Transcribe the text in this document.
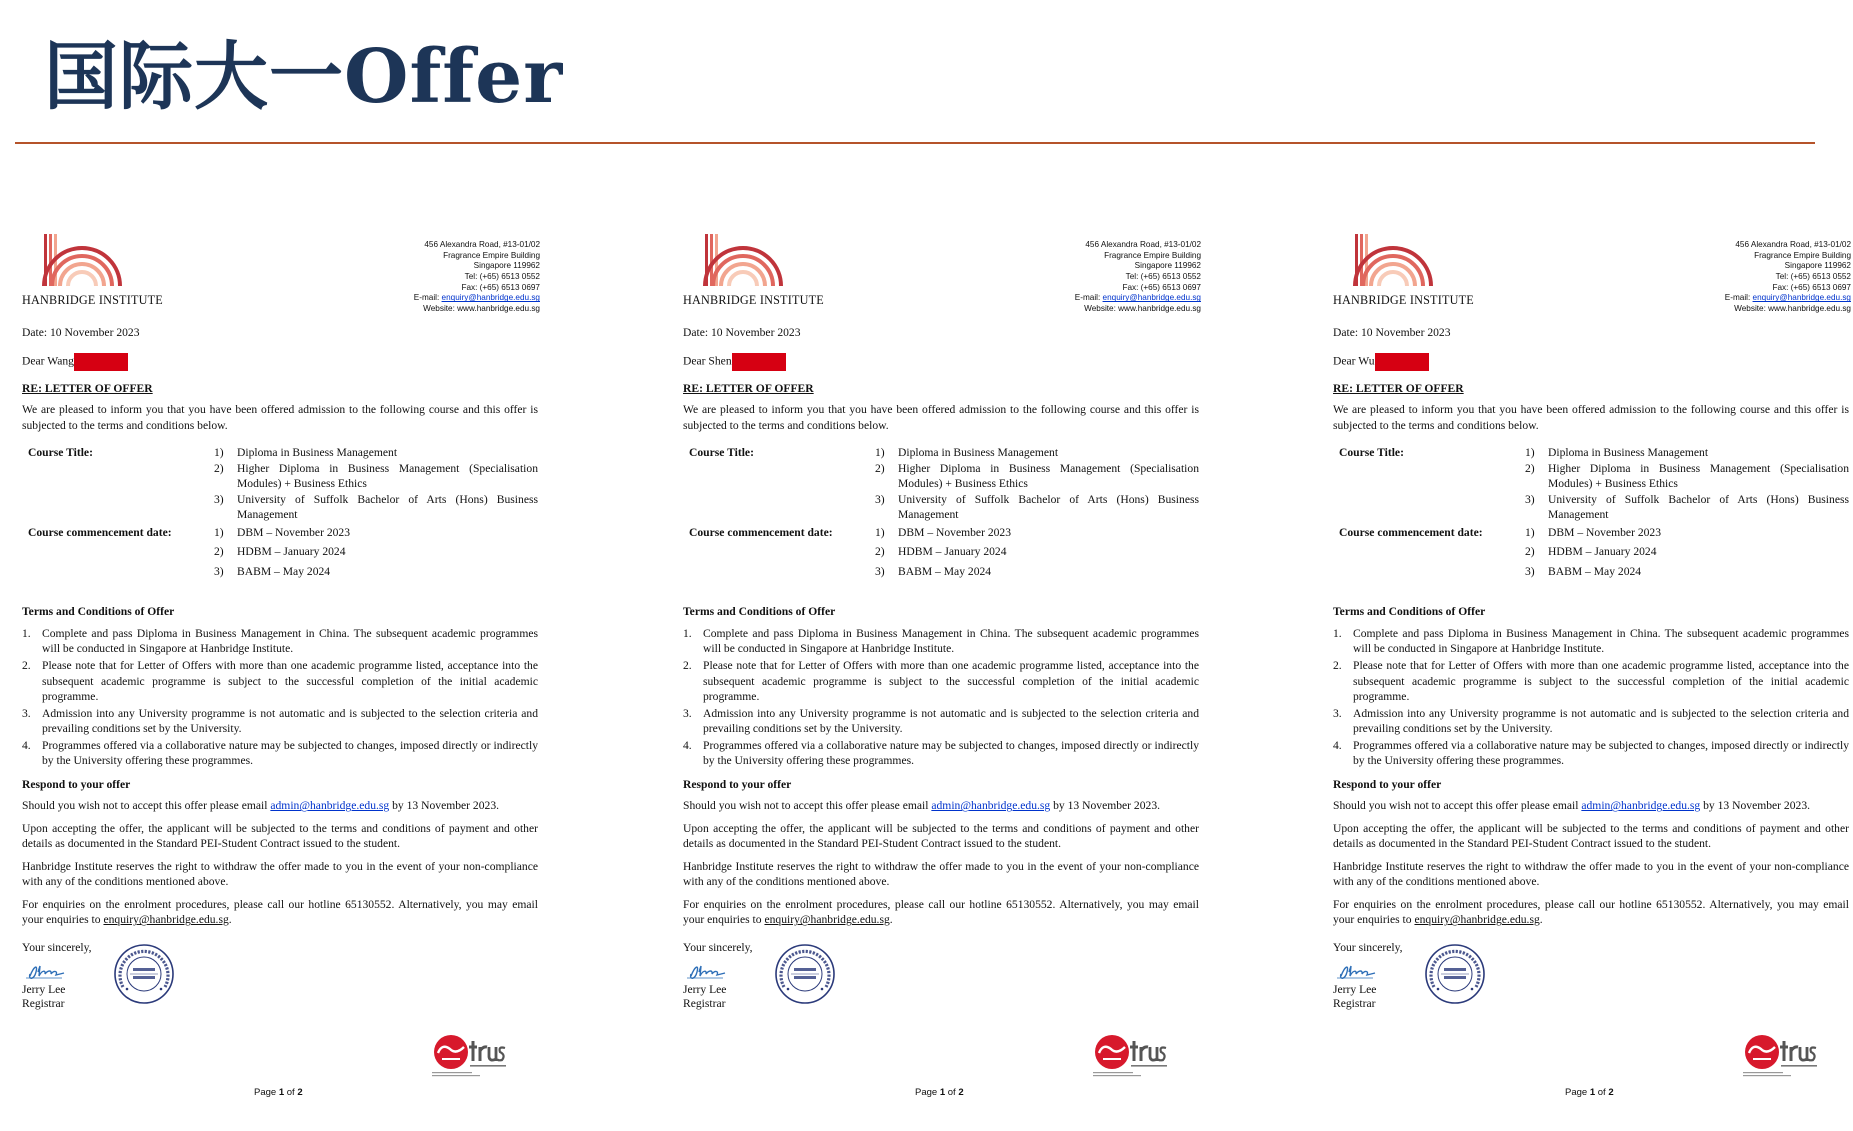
国际大一Offer
HANBRIDGE INSTITUTE
456 Alexandra Road, #13-01/02
Fragrance Empire Building
Singapore 119962
Tel: (+65) 6513 0552
Fax: (+65) 6513 0697
E-mail: enquiry@hanbridge.edu.sg
Website: www.hanbridge.edu.sg

Date: 10 November 2023

Dear Wang

RE: LETTER OF OFFER

We are pleased to inform you that you have been offered admission to the following course and this offer is subjected to the terms and conditions below.

Course Title:	1)	Diploma in Business Management
2)	Higher Diploma in Business Management (Specialisation Modules) + Business Ethics
3)	University of Suffolk Bachelor of Arts (Hons) Business Management
Course commencement date:	1)	DBM – November 2023
2)	HDBM – January 2024
3)	BABM – May 2024

Terms and Conditions of Offer

1. Complete and pass Diploma in Business Management in China. The subsequent academic programmes will be conducted in Singapore at Hanbridge Institute.
2. Please note that for Letter of Offers with more than one academic programme listed, acceptance into the subsequent academic programme is subject to the successful completion of the initial academic programme.
3. Admission into any University programme is not automatic and is subjected to the selection criteria and prevailing conditions set by the University.
4. Programmes offered via a collaborative nature may be subjected to changes, imposed directly or indirectly by the University offering these programmes.

Respond to your offer

Should you wish not to accept this offer please email admin@hanbridge.edu.sg by 13 November 2023.

Upon accepting the offer, the applicant will be subjected to the terms and conditions of payment and other details as documented in the Standard PEI-Student Contract issued to the student.

Hanbridge Institute reserves the right to withdraw the offer made to you in the event of your non-compliance with any of the conditions mentioned above.

For enquiries on the enrolment procedures, please call our hotline 65130552. Alternatively, you may email your enquiries to enquiry@hanbridge.edu.sg.

Your sincerely,
Jerry Lee
Registrar
Page 1 of 2
HANBRIDGE INSTITUTE
456 Alexandra Road, #13-01/02
Fragrance Empire Building
Singapore 119962
Tel: (+65) 6513 0552
Fax: (+65) 6513 0697
E-mail: enquiry@hanbridge.edu.sg
Website: www.hanbridge.edu.sg

Date: 10 November 2023

Dear Shen

RE: LETTER OF OFFER

We are pleased to inform you that you have been offered admission to the following course and this offer is subjected to the terms and conditions below.

Course Title:	1)	Diploma in Business Management
2)	Higher Diploma in Business Management (Specialisation Modules) + Business Ethics
3)	University of Suffolk Bachelor of Arts (Hons) Business Management
Course commencement date:	1)	DBM – November 2023
2)	HDBM – January 2024
3)	BABM – May 2024

Terms and Conditions of Offer

1. Complete and pass Diploma in Business Management in China. The subsequent academic programmes will be conducted in Singapore at Hanbridge Institute.
2. Please note that for Letter of Offers with more than one academic programme listed, acceptance into the subsequent academic programme is subject to the successful completion of the initial academic programme.
3. Admission into any University programme is not automatic and is subjected to the selection criteria and prevailing conditions set by the University.
4. Programmes offered via a collaborative nature may be subjected to changes, imposed directly or indirectly by the University offering these programmes.

Respond to your offer

Should you wish not to accept this offer please email admin@hanbridge.edu.sg by 13 November 2023.

Upon accepting the offer, the applicant will be subjected to the terms and conditions of payment and other details as documented in the Standard PEI-Student Contract issued to the student.

Hanbridge Institute reserves the right to withdraw the offer made to you in the event of your non-compliance with any of the conditions mentioned above.

For enquiries on the enrolment procedures, please call our hotline 65130552. Alternatively, you may email your enquiries to enquiry@hanbridge.edu.sg.

Your sincerely,
Jerry Lee
Registrar
Page 1 of 2
HANBRIDGE INSTITUTE
456 Alexandra Road, #13-01/02
Fragrance Empire Building
Singapore 119962
Tel: (+65) 6513 0552
Fax: (+65) 6513 0697
E-mail: enquiry@hanbridge.edu.sg
Website: www.hanbridge.edu.sg

Date: 10 November 2023

Dear Wu

RE: LETTER OF OFFER

We are pleased to inform you that you have been offered admission to the following course and this offer is subjected to the terms and conditions below.

Course Title:	1)	Diploma in Business Management
2)	Higher Diploma in Business Management (Specialisation Modules) + Business Ethics
3)	University of Suffolk Bachelor of Arts (Hons) Business Management
Course commencement date:	1)	DBM – November 2023
2)	HDBM – January 2024
3)	BABM – May 2024

Terms and Conditions of Offer

1. Complete and pass Diploma in Business Management in China. The subsequent academic programmes will be conducted in Singapore at Hanbridge Institute.
2. Please note that for Letter of Offers with more than one academic programme listed, acceptance into the subsequent academic programme is subject to the successful completion of the initial academic programme.
3. Admission into any University programme is not automatic and is subjected to the selection criteria and prevailing conditions set by the University.
4. Programmes offered via a collaborative nature may be subjected to changes, imposed directly or indirectly by the University offering these programmes.

Respond to your offer

Should you wish not to accept this offer please email admin@hanbridge.edu.sg by 13 November 2023.

Upon accepting the offer, the applicant will be subjected to the terms and conditions of payment and other details as documented in the Standard PEI-Student Contract issued to the student.

Hanbridge Institute reserves the right to withdraw the offer made to you in the event of your non-compliance with any of the conditions mentioned above.

For enquiries on the enrolment procedures, please call our hotline 65130552. Alternatively, you may email your enquiries to enquiry@hanbridge.edu.sg.

Your sincerely,
Jerry Lee
Registrar
Page 1 of 2
